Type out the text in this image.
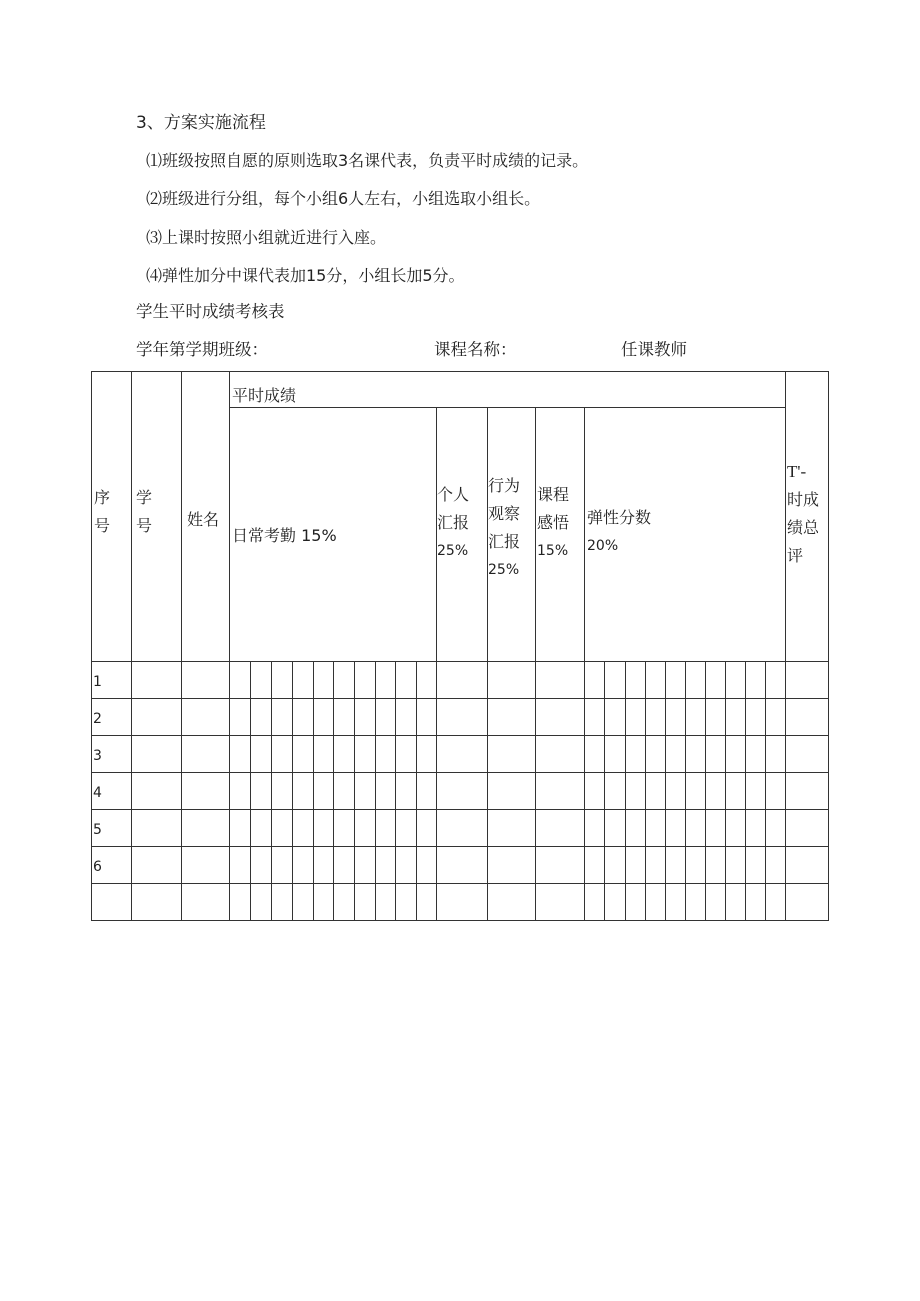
3、方案实施流程
⑴班级按照自愿的原则选取3名课代表，负责平时成绩的记录。
⑵班级进行分组，每个小组6人左右，小组选取小组长。
⑶上课时按照小组就近进行入座。
⑷弹性加分中课代表加15分，小组长加5分。
学生平时成绩考核表
学年第学期班级：	课程名称：	任课教师
平时成绩
序
号
学
号 姓名
日常考勤 15%
个人
汇报
25%
行为
观察
汇报
25%
课程
感悟
15%
弹性分数
20%
T'-
时成
绩总
评
1
2
3
4
5
6
